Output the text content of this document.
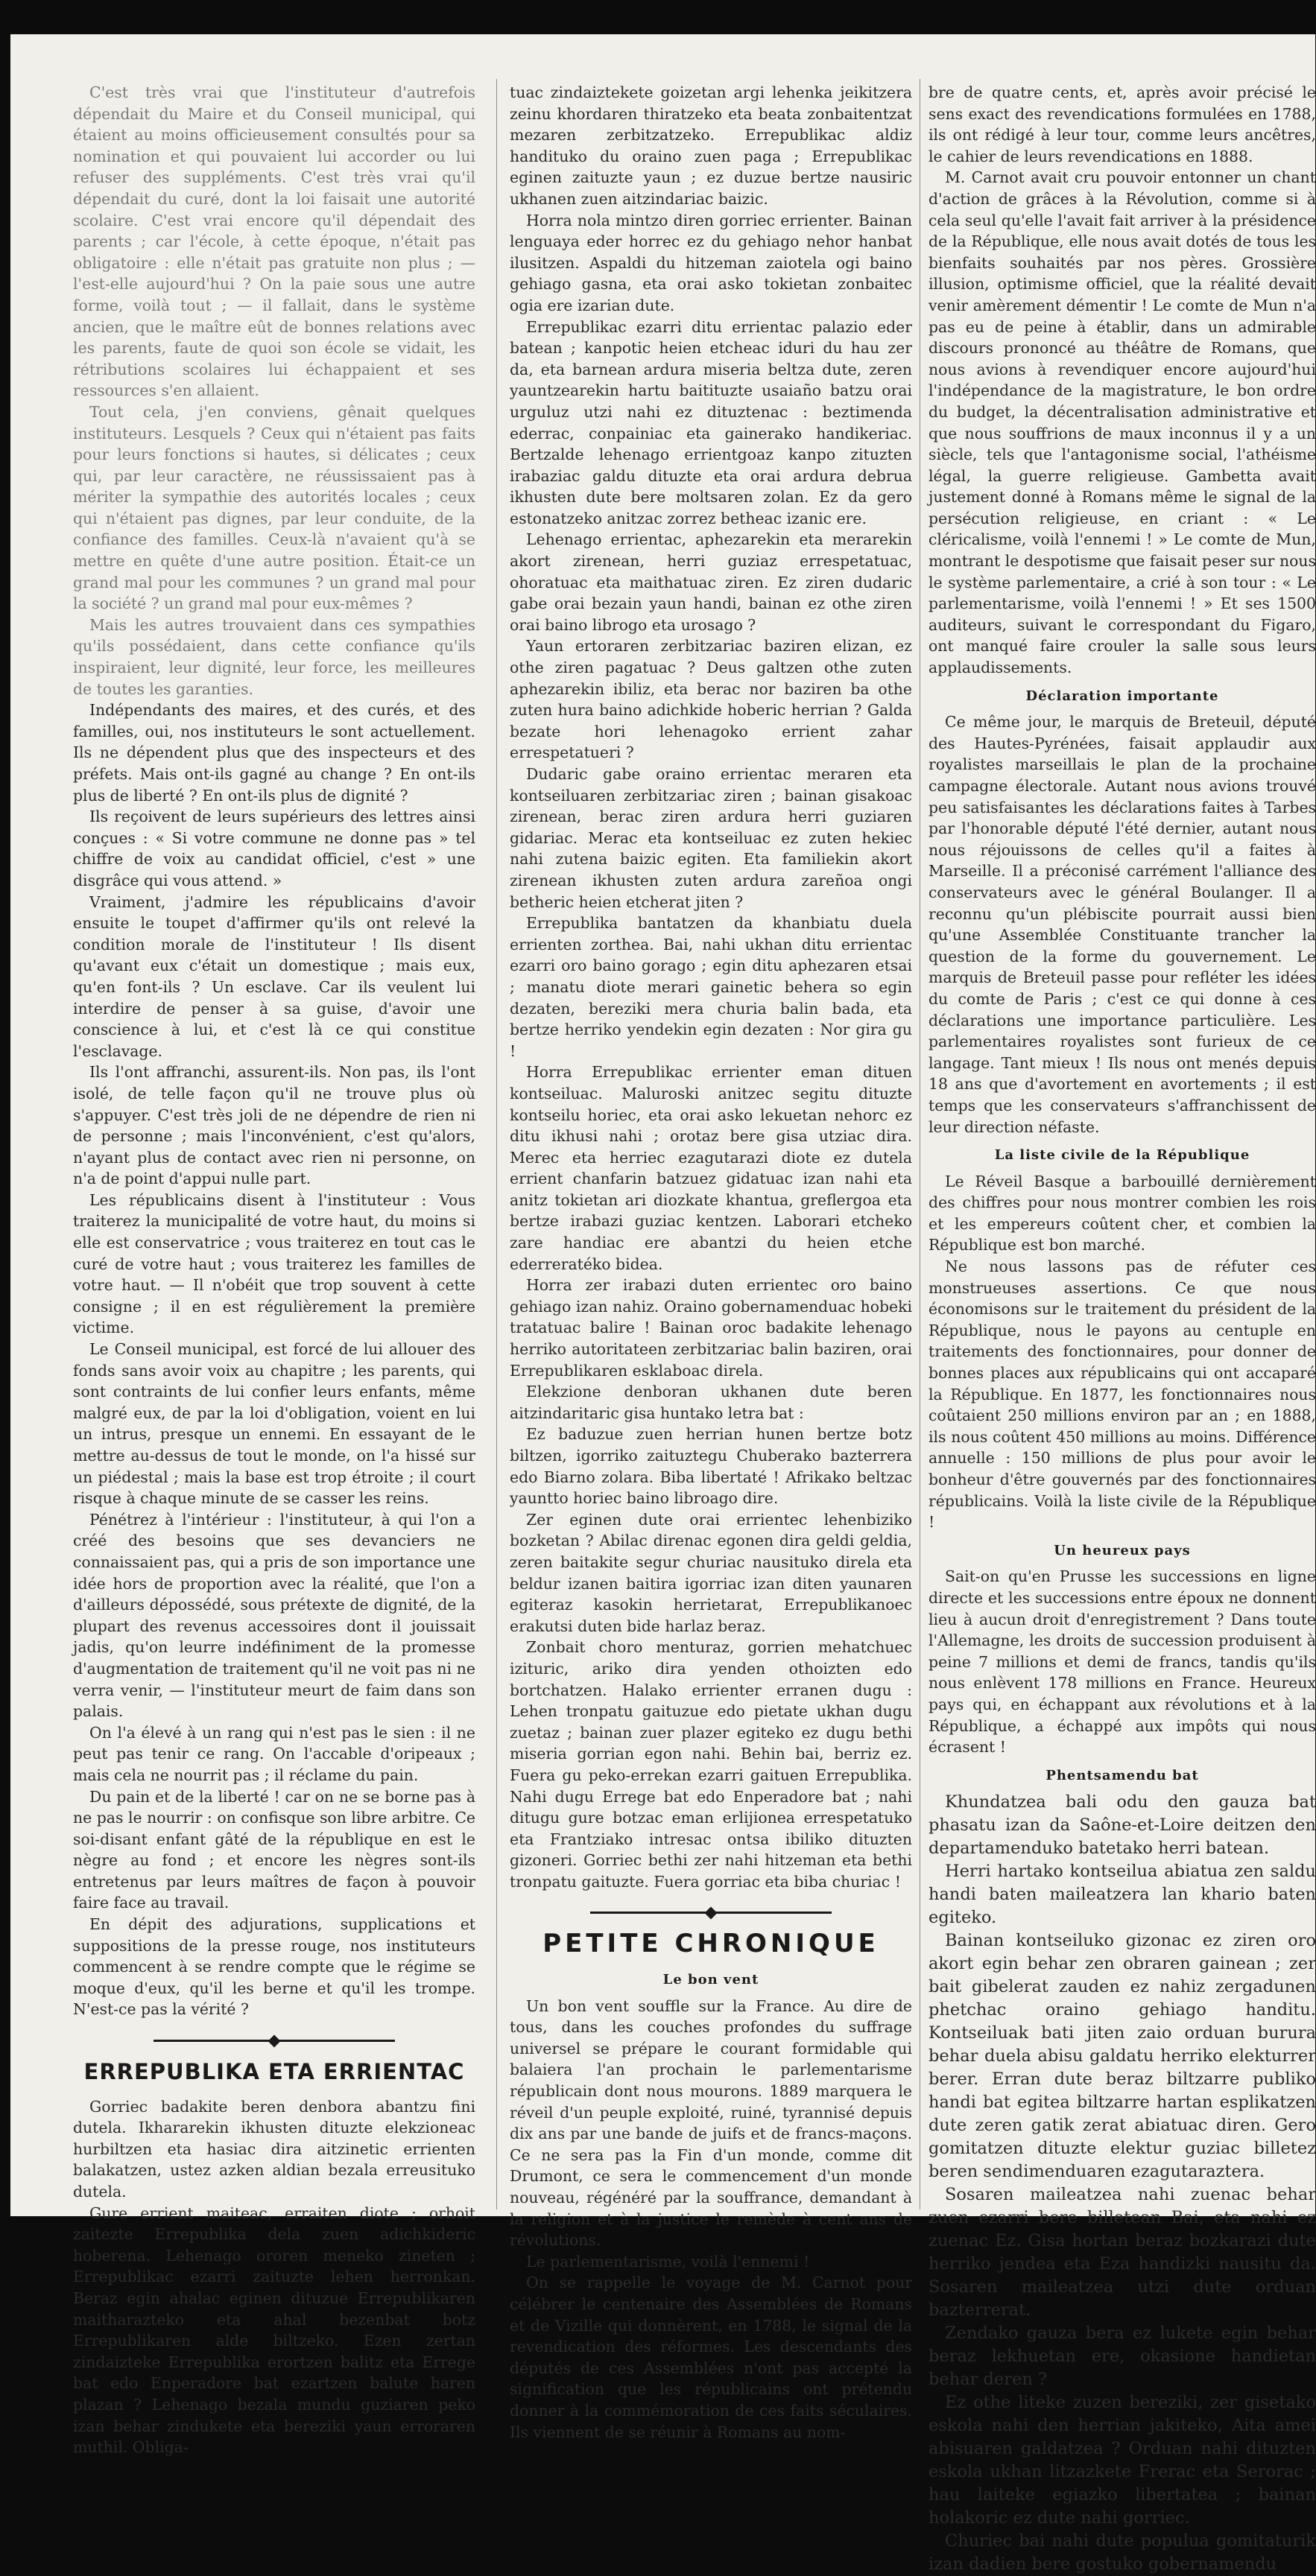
C'est très vrai que l'instituteur d'autrefois dépendait du Maire et du Conseil municipal, qui étaient au moins officieusement consultés pour sa nomination et qui pouvaient lui accorder ou lui refuser des suppléments. C'est très vrai qu'il dépendait du curé, dont la loi faisait une autorité scolaire. C'est vrai encore qu'il dépendait des parents ; car l'école, à cette époque, n'était pas obligatoire : elle n'était pas gratuite non plus ; — l'est-elle aujourd'hui ? On la paie sous une autre forme, voilà tout ; — il fallait, dans le système ancien, que le maître eût de bonnes relations avec les parents, faute de quoi son école se vidait, les rétributions scolaires lui échappaient et ses ressources s'en allaient.

Tout cela, j'en conviens, gênait quelques instituteurs. Lesquels ? Ceux qui n'étaient pas faits pour leurs fonctions si hautes, si délicates ; ceux qui, par leur caractère, ne réussissaient pas à mériter la sympathie des autorités locales ; ceux qui n'étaient pas dignes, par leur conduite, de la confiance des familles. Ceux-là n'avaient qu'à se mettre en quête d'une autre position. Était-ce un grand mal pour les communes ? un grand mal pour la société ? un grand mal pour eux-mêmes ?

Mais les autres trouvaient dans ces sympathies qu'ils possédaient, dans cette confiance qu'ils inspiraient, leur dignité, leur force, les meilleures de toutes les garanties.

Indépendants des maires, et des curés, et des familles, oui, nos instituteurs le sont actuellement. Ils ne dépendent plus que des inspecteurs et des préfets. Mais ont-ils gagné au change ? En ont-ils plus de liberté ? En ont-ils plus de dignité ?

Ils reçoivent de leurs supérieurs des lettres ainsi conçues : « Si votre commune ne donne pas » tel chiffre de voix au candidat officiel, c'est » une disgrâce qui vous attend. »

Vraiment, j'admire les républicains d'avoir ensuite le toupet d'affirmer qu'ils ont relevé la condition morale de l'instituteur ! Ils disent qu'avant eux c'était un domestique ; mais eux, qu'en font-ils ? Un esclave. Car ils veulent lui interdire de penser à sa guise, d'avoir une conscience à lui, et c'est là ce qui constitue l'esclavage.

Ils l'ont affranchi, assurent-ils. Non pas, ils l'ont isolé, de telle façon qu'il ne trouve plus où s'appuyer. C'est très joli de ne dépendre de rien ni de personne ; mais l'inconvénient, c'est qu'alors, n'ayant plus de contact avec rien ni personne, on n'a de point d'appui nulle part.

Les républicains disent à l'instituteur : Vous traiterez la municipalité de votre haut, du moins si elle est conservatrice ; vous traiterez en tout cas le curé de votre haut ; vous traiterez les familles de votre haut. — Il n'obéit que trop souvent à cette consigne ; il en est régulièrement la première victime.

Le Conseil municipal, est forcé de lui allouer des fonds sans avoir voix au chapitre ; les parents, qui sont contraints de lui confier leurs enfants, même malgré eux, de par la loi d'obligation, voient en lui un intrus, presque un ennemi. En essayant de le mettre au-dessus de tout le monde, on l'a hissé sur un piédestal ; mais la base est trop étroite ; il court risque à chaque minute de se casser les reins.

Pénétrez à l'intérieur : l'instituteur, à qui l'on a créé des besoins que ses devanciers ne connaissaient pas, qui a pris de son importance une idée hors de proportion avec la réalité, que l'on a d'ailleurs dépossédé, sous prétexte de dignité, de la plupart des revenus accessoires dont il jouissait jadis, qu'on leurre indéfiniment de la promesse d'augmentation de traitement qu'il ne voit pas ni ne verra venir, — l'instituteur meurt de faim dans son palais.

On l'a élevé à un rang qui n'est pas le sien : il ne peut pas tenir ce rang. On l'accable d'oripeaux ; mais cela ne nourrit pas ; il réclame du pain.

Du pain et de la liberté ! car on ne se borne pas à ne pas le nourrir : on confisque son libre arbitre. Ce soi-disant enfant gâté de la république en est le nègre au fond ; et encore les nègres sont-ils entretenus par leurs maîtres de façon à pouvoir faire face au travail.

En dépit des adjurations, supplications et suppositions de la presse rouge, nos instituteurs commencent à se rendre compte que le régime se moque d'eux, qu'il les berne et qu'il les trompe. N'est-ce pas la vérité ?

ERREPUBLIKA ETA ERRIENTAC

Gorriec badakite beren denbora abantzu fini dutela. Ikhararekin ikhusten dituzte elekzioneac hurbiltzen eta hasiac dira aitzinetic errienten balakatzen, ustez azken aldian bezala erreusituko dutela.

Gure errient maiteac, erraiten diote ; orhoit zaitezte Errepublika dela zuen adichkideric hoberena. Lehenago ororen meneko zineten ; Errepublikac ezarri zaituzte lehen herronkan. Beraz egin ahalac eginen dituzue Errepublikaren maitharazteko eta ahal bezenbat botz Errepublikaren alde biltzeko. Ezen zertan zindaizteke Errepublika erortzen balitz eta Errege bat edo Enperadore bat ezartzen balute haren plazan ? Lehenago bezala mundu guziaren peko izan behar zindukete eta bereziki yaun erroraren muthil. Obliga-

tuac zindaiztekete goizetan argi lehenka jeikitzera zeinu khordaren thiratzeko eta beata zonbaitentzat mezaren zerbitzatzeko. Errepublikac aldiz handituko du oraino zuen paga ; Errepublikac eginen zaituzte yaun ; ez duzue bertze nausiric ukhanen zuen aitzindariac baizic.

Horra nola mintzo diren gorriec errienter. Bainan lenguaya eder horrec ez du gehiago nehor hanbat ilusitzen. Aspaldi du hitzeman zaiotela ogi baino gehiago gasna, eta orai asko tokietan zonbaitec ogia ere izarian dute.

Errepublikac ezarri ditu errientac palazio eder batean ; kanpotic heien etcheac iduri du hau zer da, eta barnean ardura miseria beltza dute, zeren yauntzearekin hartu baitituzte usaiaño batzu orai urguluz utzi nahi ez dituztenac : beztimenda ederrac, conpainiac eta gainerako handikeriac. Bertzalde lehenago errientgoaz kanpo zituzten irabaziac galdu dituzte eta orai ardura debrua ikhusten dute bere moltsaren zolan. Ez da gero estonatzeko anitzac zorrez betheac izanic ere.

Lehenago errientac, aphezarekin eta merarekin akort zirenean, herri guziaz errespetatuac, ohoratuac eta maithatuac ziren. Ez ziren dudaric gabe orai bezain yaun handi, bainan ez othe ziren orai baino librogo eta urosago ?

Yaun ertoraren zerbitzariac baziren elizan, ez othe ziren pagatuac ? Deus galtzen othe zuten aphezarekin ibiliz, eta berac nor baziren ba othe zuten hura baino adichkide hoberic herrian ? Galda bezate hori lehenagoko errient zahar errespetatueri ?

Dudaric gabe oraino errientac meraren eta kontseiluaren zerbitzariac ziren ; bainan gisakoac zirenean, berac ziren ardura herri guziaren gidariac. Merac eta kontseiluac ez zuten hekiec nahi zutena baizic egiten. Eta familiekin akort zirenean ikhusten zuten ardura zareñoa ongi betheric heien etcherat jiten ?

Errepublika bantatzen da khanbiatu duela errienten zorthea. Bai, nahi ukhan ditu errientac ezarri oro baino gorago ; egin ditu aphezaren etsai ; manatu diote merari gainetic behera so egin dezaten, bereziki mera churia balin bada, eta bertze herriko yendekin egin dezaten : Nor gira gu !

Horra Errepublikac errienter eman dituen kontseiluac. Maluroski anitzec segitu dituzte kontseilu horiec, eta orai asko lekuetan nehorc ez ditu ikhusi nahi ; orotaz bere gisa utziac dira. Merec eta herriec ezagutarazi diote ez dutela errient chanfarin batzuez gidatuac izan nahi eta anitz tokietan ari diozkate khantua, greflergoa eta bertze irabazi guziac kentzen. Laborari etcheko zare handiac ere abantzi du heien etche ederreratéko bidea.

Horra zer irabazi duten errientec oro baino gehiago izan nahiz. Oraino gobernamenduac hobeki tratatuac balire ! Bainan oroc badakite lehenago herriko autoritateen zerbitzariac balin baziren, orai Errepublikaren esklaboac direla.

Elekzione denboran ukhanen dute beren aitzindaritaric gisa huntako letra bat :

Ez baduzue zuen herrian hunen bertze botz biltzen, igorriko zaituztegu Chuberako bazterrera edo Biarno zolara. Biba libertaté ! Afrikako beltzac yauntto horiec baino libroago dire.

Zer eginen dute orai errientec lehenbiziko bozketan ? Abilac direnac egonen dira geldi geldia, zeren baitakite segur churiac nausituko direla eta beldur izanen baitira igorriac izan diten yaunaren egiteraz kasokin herrietarat, Errepublikanoec erakutsi duten bide harlaz beraz.

Zonbait choro menturaz, gorrien mehatchuec izituric, ariko dira yenden othoizten edo bortchatzen. Halako errienter erranen dugu : Lehen tronpatu gaituzue edo pietate ukhan dugu zuetaz ; bainan zuer plazer egiteko ez dugu bethi miseria gorrian egon nahi. Behin bai, berriz ez. Fuera gu peko-errekan ezarri gaituen Errepublika. Nahi dugu Errege bat edo Enperadore bat ; nahi ditugu gure botzac eman erlijionea errespetatuko eta Frantziako intresac ontsa ibiliko dituzten gizoneri. Gorriec bethi zer nahi hitzeman eta bethi tronpatu gaituzte. Fuera gorriac eta biba churiac !

PETITE CHRONIQUE
Le bon vent

Un bon vent souffle sur la France. Au dire de tous, dans les couches profondes du suffrage universel se prépare le courant formidable qui balaiera l'an prochain le parlementarisme républicain dont nous mourons. 1889 marquera le réveil d'un peuple exploité, ruiné, tyrannisé depuis dix ans par une bande de juifs et de francs-maçons. Ce ne sera pas la Fin d'un monde, comme dit Drumont, ce sera le commencement d'un monde nouveau, régénéré par la souffrance, demandant à la religion et à la justice le remède à cent ans de révolutions.

Le parlementarisme, voilà l'ennemi !

On se rappelle le voyage de M. Carnot pour célébrer le centenaire des Assemblées de Romans et de Vizille qui donnèrent, en 1788, le signal de la revendication des réformes. Les descendants des députés de ces Assemblées n'ont pas accepté la signification que les républicains ont prétendu donner à la commémoration de ces faits séculaires. Ils viennent de se réunir à Romans au nom-

bre de quatre cents, et, après avoir précisé le sens exact des revendications formulées en 1788, ils ont rédigé à leur tour, comme leurs ancêtres, le cahier de leurs revendications en 1888.

M. Carnot avait cru pouvoir entonner un chant d'action de grâces à la Révolution, comme si à cela seul qu'elle l'avait fait arriver à la présidence de la République, elle nous avait dotés de tous les bienfaits souhaités par nos pères. Grossière illusion, optimisme officiel, que la réalité devait venir amèrement démentir ! Le comte de Mun n'a pas eu de peine à établir, dans un admirable discours prononcé au théâtre de Romans, que nous avions à revendiquer encore aujourd'hui l'indépendance de la magistrature, le bon ordre du budget, la décentralisation administrative et que nous souffrions de maux inconnus il y a un siècle, tels que l'antagonisme social, l'athéisme légal, la guerre religieuse. Gambetta avait justement donné à Romans même le signal de la persécution religieuse, en criant : « Le cléricalisme, voilà l'ennemi ! » Le comte de Mun, montrant le despotisme que faisait peser sur nous le système parlementaire, a crié à son tour : « Le parlementarisme, voilà l'ennemi ! » Et ses 1500 auditeurs, suivant le correspondant du Figaro, ont manqué faire crouler la salle sous leurs applaudissements.

Déclaration importante

Ce même jour, le marquis de Breteuil, député des Hautes-Pyrénées, faisait applaudir aux royalistes marseillais le plan de la prochaine campagne électorale. Autant nous avions trouvé peu satisfaisantes les déclarations faites à Tarbes par l'honorable député l'été dernier, autant nous nous réjouissons de celles qu'il a faites à Marseille. Il a préconisé carrément l'alliance des conservateurs avec le général Boulanger. Il a reconnu qu'un plébiscite pourrait aussi bien qu'une Assemblée Constituante trancher la question de la forme du gouvernement. Le marquis de Breteuil passe pour refléter les idées du comte de Paris ; c'est ce qui donne à ces déclarations une importance particulière. Les parlementaires royalistes sont furieux de ce langage. Tant mieux ! Ils nous ont menés depuis 18 ans que d'avortement en avortements ; il est temps que les conservateurs s'affranchissent de leur direction néfaste.

La liste civile de la République

Le Réveil Basque a barbouillé dernièrement des chiffres pour nous montrer combien les rois et les empereurs coûtent cher, et combien la République est bon marché.

Ne nous lassons pas de réfuter ces monstrueuses assertions. Ce que nous économisons sur le traitement du président de la République, nous le payons au centuple en traitements des fonctionnaires, pour donner de bonnes places aux républicains qui ont accaparé la République. En 1877, les fonctionnaires nous coûtaient 250 millions environ par an ; en 1888, ils nous coûtent 450 millions au moins. Différence annuelle : 150 millions de plus pour avoir le bonheur d'être gouvernés par des fonctionnaires républicains. Voilà la liste civile de la République !

Un heureux pays

Sait-on qu'en Prusse les successions en ligne directe et les successions entre époux ne donnent lieu à aucun droit d'enregistrement ? Dans toute l'Allemagne, les droits de succession produisent à peine 7 millions et demi de francs, tandis qu'ils nous enlèvent 178 millions en France. Heureux pays qui, en échappant aux révolutions et à la République, a échappé aux impôts qui nous écrasent !

Phentsamendu bat

Khundatzea bali odu den gauza bat phasatu izan da Saône-et-Loire deitzen den departamenduko batetako herri batean.

Herri hartako kontseilua abiatua zen saldu handi baten maileatzera lan khario baten egiteko.

Bainan kontseiluko gizonac ez ziren oro akort egin behar zen obraren gainean ; zer bait gibelerat zauden ez nahiz zergadunen phetchac oraino gehiago handitu. Kontseiluak bati jiten zaio orduan burura behar duela abisu galdatu herriko elekturrer berer. Erran dute beraz biltzarre publiko handi bat egitea biltzarre hartan esplikatzen dute zeren gatik zerat abiatuac diren. Gero gomitatzen dituzte elektur guziac billetez beren sendimenduaren ezagutaraztera.

Sosaren maileatzea nahi zuenac behar zuen ezarri bere billetean Bai, eta nahi ez zuenac Ez. Gisa hortan beraz bozkarazi dute herriko jendea eta Eza handizki nausitu da. Sosaren maileatzea utzi dute orduan bazterrerat.

Zendako gauza bera ez lukete egin behar beraz lekhuetan ere, okasione handietan behar deren ?

Ez othe liteke zuzen bereziki, zer gisetako eskola nahi den herrian jakiteko, Aita amei abisuaren galdatzea ? Orduan nahi dituzten eskola ukhan litzazkete Frerac eta Serorac ; hau laiteke egiazko libertatea ; bainan holakoric ez dute nahi gorriec.

Churiec bai nahi dute populua gomitaturik izan dadien bere gostuko gobernamendu
